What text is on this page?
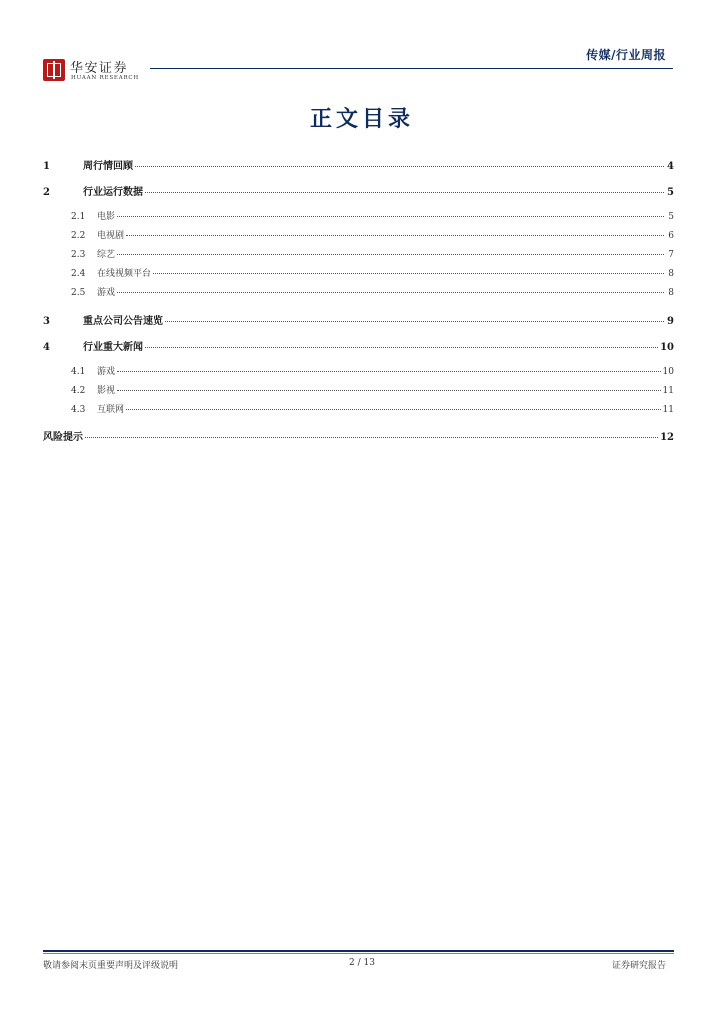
传媒/行业周报
华安证券
HUAAN RESEARCH
正文目录
1	周行情回顾	4
2	行业运行数据	5
2.1	电影	5
2.2	电视剧	6
2.3	综艺	7
2.4	在线视频平台	8
2.5	游戏	8
3	重点公司公告速览	9
4	行业重大新闻	10
4.1	游戏	10
4.2	影视	11
4.3	互联网	11
风险提示	12
敬请参阅末页重要声明及评级说明	2 / 13	证券研究报告
